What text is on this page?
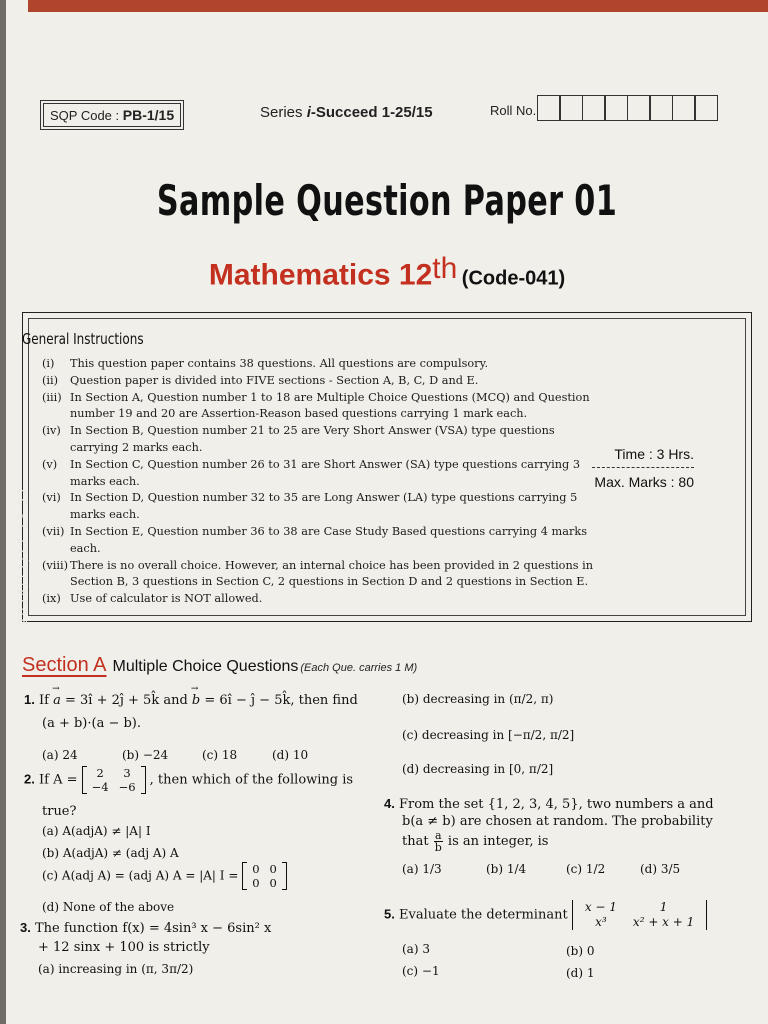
SQP Code : PB-1/15	Series i-Succeed 1-25/15	Roll No.
Sample Question Paper 01
Mathematics 12th (Code-041)
General Instructions
2024/11/17 13:27
(i)	This question paper contains 38 questions. All questions are compulsory.
(ii)	Question paper is divided into FIVE sections - Section A, B, C, D and E.
(iii) In Section A, Question number 1 to 18 are Multiple Choice Questions (MCQ) and Question number 19 and 20 are Assertion-Reason based questions carrying 1 mark each.
(iv) In Section B, Question number 21 to 25 are Very Short Answer (VSA) type questions carrying 2 marks each.
(v)	In Section C, Question number 26 to 31 are Short Answer (SA) type questions carrying 3 marks each.
(vi) In Section D, Question number 32 to 35 are Long Answer (LA) type questions carrying 5 marks each.
(vii) In Section E, Question number 36 to 38 are Case Study Based questions carrying 4 marks each.
(viii) There is no overall choice. However, an internal choice has been provided in 2 questions in Section B, 3 questions in Section C, 2 questions in Section D and 2 questions in Section E.
(ix) Use of calculator is NOT allowed.
Time : 3 Hrs.
Max. Marks : 80
Section A Multiple Choice Questions (Each Que. carries 1 M)
1. If → a = 3î + 2ĵ + 5k̂ and → b = 6î − ĵ − 5k̂, then find
(a + b)·(a − b).
(a) 24	(b) −24	(c) 18	(d) 10
2. If A = 2	3
−4	−6 , then which of the following is
true?
(a) A(adjA) ≠ |A| I
(b) A(adjA) ≠ (adj A) A
(c) A(adj A) = (adj A) A = |A| I = 0	0
0	0
(d) None of the above
3. The function f(x) = 4sin³ x − 6sin² x
+ 12 sinx + 100 is strictly
(a) increasing in (π, 3π/2)
(b) decreasing in (π/2, π)
(c) decreasing in [−π/2, π/2]
(d) decreasing in [0, π/2]
4. From the set {1, 2, 3, 4, 5}, two numbers a and
b(a ≠ b) are chosen at random. The probability
that $\frac{a}{b}$ is an integer, is
(a) 1/3	(b) 1/4	(c) 1/2	(d) 3/5
5. Evaluate the determinant
x − 1	1
x³	x² + x + 1
(a) 3	(b) 0
(c) −1	(d) 1
